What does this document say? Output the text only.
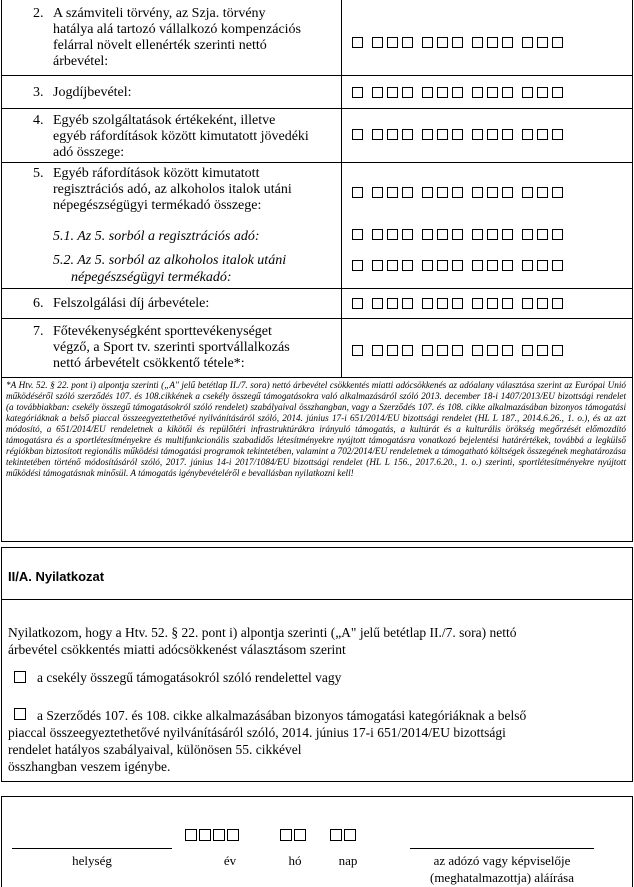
2. A számviteli törvény, az Szja. törvény
hatálya alá tartozó vállalkozó kompenzációs
felárral növelt ellenérték szerinti nettó
árbevétel:
3. Jogdíjbevétel:
4. Egyéb szolgáltatások értékeként, illetve
egyéb ráfordítások között kimutatott jövedéki
adó összege:
5. Egyéb ráfordítások között kimutatott
regisztrációs adó, az alkoholos italok utáni
népegészségügyi termékadó összege:
5.1. Az 5. sorból a regisztrációs adó:
5.2. Az 5. sorból az alkoholos italok utáni
népegészségügyi termékadó:
6. Felszolgálási díj árbevétele:
7. Főtevékenységként sporttevékenységet
végző, a Sport tv. szerinti sportvállalkozás
nettó árbevételt csökkentő tétele*:
*A Htv. 52. § 22. pont i) alpontja szerinti („A" jelű betétlap II./7. sora) nettó árbevétel csökkentés miatti adócsökkenés az adóalany választása szerint az Európai Unió működéséről szóló szerződés 107. és 108.cikkének a csekély összegű támogatásokra való alkalmazásáról szóló 2013. december 18-i 1407/2013/EU bizottsági rendelet (a továbbiakban: csekély összegű támogatásokról szóló rendelet) szabályaival összhangban, vagy a Szerződés 107. és 108. cikke alkalmazásában bizonyos támogatási kategóriáknak a belső piaccal összeegyeztethetővé nyilvánításáról szóló, 2014. június 17-i 651/2014/EU bizottsági rendelet (HL L 187., 2014.6.26., 1. o.), és az azt módosító, a 651/2014/EU rendeletnek a kikötői és repülőtéri infrastruktúrákra irányuló támogatás, a kultúrát és a kulturális örökség megőrzését előmozdító támogatásra és a sportlétesítményekre és multifunkcionális szabadidős létesítményekre nyújtott támogatásra vonatkozó bejelentési határértékek, továbbá a legkülső régiókban biztosított regionális működési támogatási programok tekintetében, valamint a 702/2014/EU rendeletnek a támogatható költségek összegének meghatározása tekintetében történő módosításáról szóló, 2017. június 14-i 2017/1084/EU bizottsági rendelet (HL L 156., 2017.6.20., 1. o.) szerinti, sportlétesítményekre nyújtott működési támogatásnak minősül. A támogatás igénybevételéről e bevallásban nyilatkozni kell!
II/A. Nyilatkozat
Nyilatkozom, hogy a Htv. 52. § 22. pont i) alpontja szerinti („A" jelű betétlap II./7. sora) nettó
árbevétel csökkentés miatti adócsökkenést választásom szerint
a csekély összegű támogatásokról szóló rendelettel vagy
a Szerződés 107. és 108. cikke alkalmazásában bizonyos támogatási kategóriáknak a belső
piaccal összeegyeztethetővé nyilvánításáról szóló, 2014. június 17-i 651/2014/EU bizottsági
rendelet hatályos szabályaival, különösen 55. cikkével
összhangban veszem igénybe.
helység	év	hó	nap	az adózó vagy képviselője
(meghatalmazottja) aláírása
